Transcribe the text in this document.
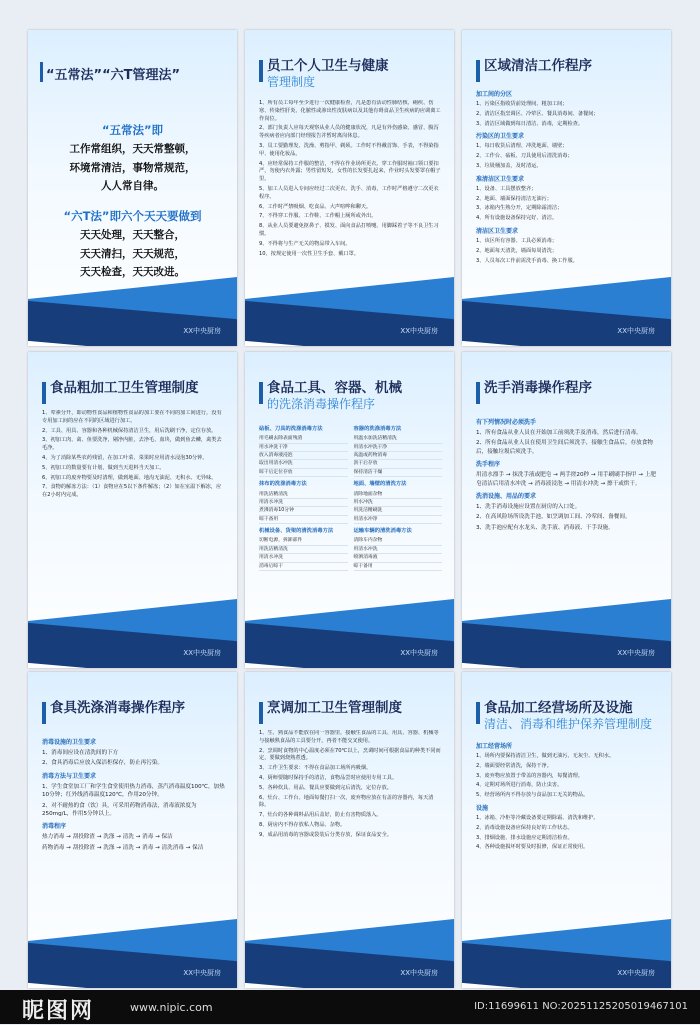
“五常法”“六T管理法”
“五常法”即
工作常组织，天天常整顿，
环境常清洁，事物常规范，
人人常自律。
“六T法”即六个天天要做到
天天处理，天天整合，
天天清扫，天天规范，
天天检查，天天改进。
XX中央厨房
员工个人卫生与健康
管理制度

1、所有员工每年至少进行一次健康检查，凡是患有活动性肺结核、痢疾、伤寒、传染性肝炎、化脓性或渗出性皮肤病以及其他有碍食品卫生疾病的应调离工作岗位。

2、部门负责人应每天观察从业人员的健康状况，凡是有外伤感染、感冒、腹泻等疾病者应向部门经理报告并暂时离岗休息。

3、员工要勤理发、洗澡、剪指甲、剃须。工作时不得戴首饰、手表，不得染指甲、使用化妆品。

4、应经常保持工作服的整洁，不得在作业场所更衣。穿工作服时袖口领口要扣严，勿使内衣外露；男性留短发，女性的长发要扎起来，作业时头发要罩在帽子里。

5、加工人员进入专间应经过二次更衣、洗手、消毒，工作时严格遵守二次更衣程序。

6、工作时严禁吸烟、吃食品、大声喧哗和聊天。

7、不得穿工作服、工作鞋、工作帽上厕所或外出。

8、从业人员要避免抠鼻子、摸发、面向食品打喷嚏、用脚踩着子等不良卫生习惯。

9、不得将与生产无关的物品带入车间。

10、按规定使用一次性卫生手套、戴口罩。

XX中央厨房
区域清洁工作程序
加工间的分区

1、污染区指收货前处理间、粗加工间；

2、清洁区指烹调区、冷荤区、餐具消毒间、备餐间；

3、清洁区域做到每日清洁、消毒，定期检查。

污染区的卫生要求

1、每日收货后清理、冲洗地面、墙壁；

2、工作台、砧板、刀具使用后清洗消毒；

3、垃圾桶加盖，及时清运。

准清洁区卫生要求

1、设备、工具摆放整齐；

2、地面、墙面保持清洁无油污；

3、冰箱内生熟分开，定期除霜清洁；

4、所有设施设备保持完好、清洁。

清洁区卫生要求

1、该区所有容器、工具必须消毒；

2、地面每天清洗，墙面每周清洗；

3、人员每次工作前需洗手消毒、换工作服。

XX中央厨房
食品粗加工卫生管理制度

1、荤素分开，即动物性食品和植物性食品的加工要在不同的加工间进行，没有专用加工间的应在不同的区域进行加工。

2、工具、用具、容器和各种机械保持清洁卫生，用后洗刷干净，定位存放。

3、初加工肉、禽、鱼要洗净，剔净内脏，去净毛、血块，做到鱼去鳞，禽类去毛净。

4、为了消除某些农药残留，在加工叶菜、菜果时应用清水浸泡30分钟。

5、初加工的数量要有计划，做到当天进料当天加工。

6、初加工的废弃物要及时清理，做到地面、地沟无油泥、无积水、无异味。

7、食物的解冻方法：（1）食物应在5以下条件解冻；（2）如在室温下解冻，应在2小时内完成。

XX中央厨房
食品工具、容器、机械
的洗涤消毒操作程序
砧板、刀具的洗涤消毒方法
用毛刷去除表面残渣
用水冲洗干净
放入消毒液浸泡
取出用清水冲洗
晾干后定位存放
容器的洗涤消毒方法
用温水加洗洁精清洗
用清水冲洗干净
高温或药物消毒
沥干后存放
保持清洁干燥
抹布的洗涤消毒方法
用洗洁精清洗
用清水冲洗
煮沸消毒10分钟
晾干备用
地面、墙壁的清洗方法
清除地面杂物
用水冲洗
用洗洁精刷洗
用清水冲净
机械设备、货架的清洗消毒方法
切断电源，拆卸部件
用洗洁精清洗
用清水冲洗
消毒后晾干
运输车辆的清洗消毒方法
清除车内杂物
用清水冲洗
喷洒消毒液
晾干备用
XX中央厨房
洗手消毒操作程序
有下列情况时必须洗手

1、所有食品从业人员在开始加工前须洗手及消毒，然后进行清毒。

2、所有食品从业人员在使用卫生间后须洗手，接触生食品后，存放食物后，接触垃圾后须洗手。

洗手程序

用清水漂手 → 抹洗手液或肥皂 → 两手搓20秒 → 用手刷刷手指甲 → 上肥皂清洁后用清水冲洗 → 消毒液浸泡 → 用清水冲洗 → 擦干或烘干。

洗消设施、用品的要求

1、洗手消毒设施应设置在厨房的入口处。

2、在高风险场所设洗手池，如烹调加工间、冷荤间、备餐间。

3、洗手池应配有水龙头、洗手液、消毒液、干手设施。

XX中央厨房
食具洗涤消毒操作程序
消毒设施的卫生要求

1、消毒间应设在清洗间的下方

2、食具消毒后应放入保洁柜保存，防止再污染。

消毒方法与卫生要求

1、学生食堂加工厂和学生食堂使用热力消毒，蒸汽消毒温度100℃，加热10分钟；红外线消毒温度120℃，作用20分钟。

2、对不耐热的食（饮）具，可采用药物消毒法，消毒液浓度为250mg/L，作用5分钟以上。

消毒程序

热力消毒 → 刮投除渣 → 洗涤 → 清洗 → 消毒 → 保洁

药物消毒 → 刮投除渣 → 洗涤 → 清洗 → 消毒 → 清洗消毒 → 保洁

XX中央厨房
烹调加工卫生管理制度

1、生、熟食品不能放在同一容器里，接触生食品的工具、用具、容器、机械等与接触熟食品的工具要分开，再者不能交叉使用。

2、烹调时食物的中心温度必须在70℃以上，烹调时间可根据食品的种类不同而定，要做到烧熟煮透。

3、工作卫生要求：不得在食品加工场所内吸烟。

4、厨师要随时保持手的清洁，食物品尝时应使用专用工具。

5、各种炊具、用品、餐具应要做到完后清洗，定位存放。

6、灶台、工作台、地面每餐打扫一次，废弃物应放在有盖的容器内，每天清除。

7、灶台的各种调料品用后盖好，防止有害物质落入。

8、厨房内不得存放私人物品、杂物。

9、成品用消毒的容器或袋装后分类存放，保证食品安全。

XX中央厨房
食品加工经营场所及设施
清洁、消毒和维护保养管理制度
加工经营场所

1、场所内要保持清洁卫生，做到无油污、无灰尘、无积水。

2、墙面要经常清洗，保持干净。

3、废弃物应放置于带盖的容器内，每餐清理。

4、定期对场所进行消毒，防止虫害。

5、经营场所内不得存放与食品加工无关的物品。

设施

1、冰箱、冷柜等冷藏设备要定期除霜、清洗和维护。

2、消毒设施设备应保持良好的工作状态。

3、排烟设施、排水设施应定期清洁检查。

4、各种设施损坏时要及时报修，保证正常使用。

XX中央厨房
昵图网	www.nipic.com	ID:11699611 NO:20251125205019467101
